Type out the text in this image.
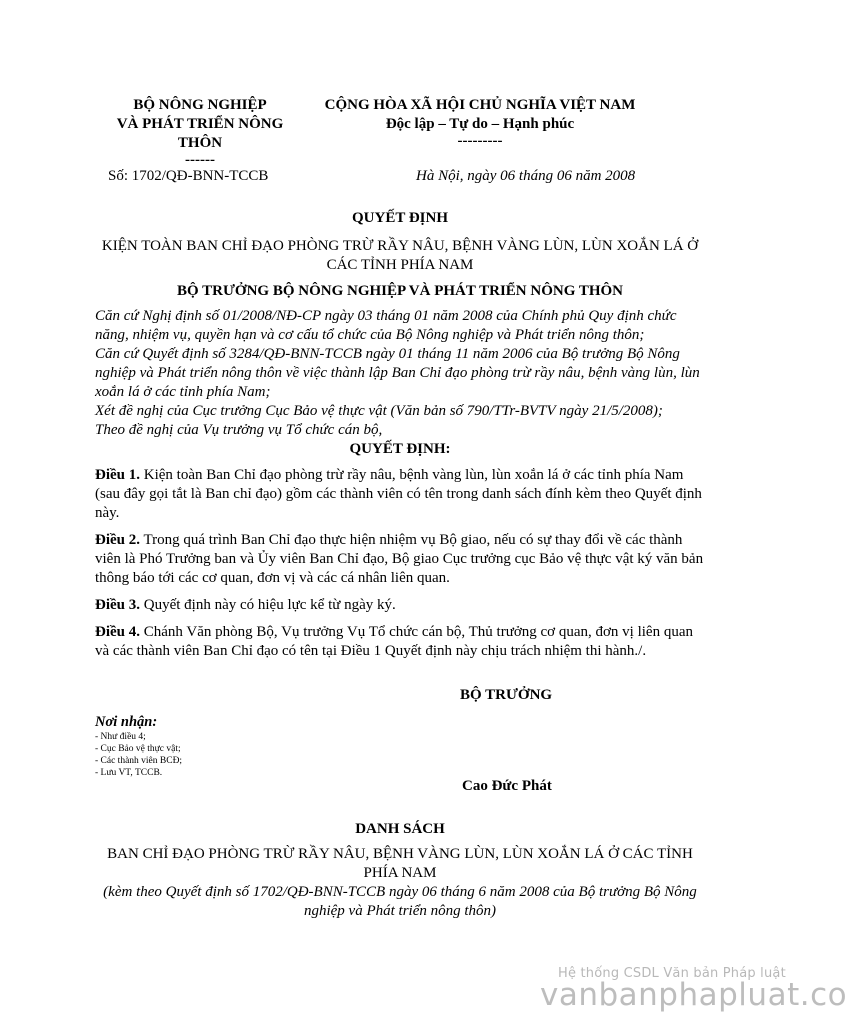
BỘ NÔNG NGHIỆP
VÀ PHÁT TRIỂN NÔNG
THÔN
------
CỘNG HÒA XÃ HỘI CHỦ NGHĨA VIỆT NAM
Độc lập – Tự do – Hạnh phúc
---------
Số: 1702/QĐ-BNN-TCCB	Hà Nội, ngày 06 tháng 06 năm 2008
QUYẾT ĐỊNH
KIỆN TOÀN BAN CHỈ ĐẠO PHÒNG TRỪ RẦY NÂU, BỆNH VÀNG LÙN, LÙN XOẮN LÁ Ở CÁC TỈNH PHÍA NAM
BỘ TRƯỞNG BỘ NÔNG NGHIỆP VÀ PHÁT TRIỂN NÔNG THÔN

Căn cứ Nghị định số 01/2008/NĐ-CP ngày 03 tháng 01 năm 2008 của Chính phủ Quy định chức năng, nhiệm vụ, quyền hạn và cơ cấu tổ chức của Bộ Nông nghiệp và Phát triển nông thôn;

Căn cứ Quyết định số 3284/QĐ-BNN-TCCB ngày 01 tháng 11 năm 2006 của Bộ trưởng Bộ Nông nghiệp và Phát triển nông thôn về việc thành lập Ban Chỉ đạo phòng trừ rầy nâu, bệnh vàng lùn, lùn xoắn lá ở các tỉnh phía Nam;

Xét đề nghị của Cục trưởng Cục Bảo vệ thực vật (Văn bản số 790/TTr-BVTV ngày 21/5/2008);

Theo đề nghị của Vụ trưởng vụ Tổ chức cán bộ,

QUYẾT ĐỊNH:

Điều 1. Kiện toàn Ban Chỉ đạo phòng trừ rầy nâu, bệnh vàng lùn, lùn xoắn lá ở các tỉnh phía Nam (sau đây gọi tắt là Ban chỉ đạo) gồm các thành viên có tên trong danh sách đính kèm theo Quyết định này.

Điều 2. Trong quá trình Ban Chỉ đạo thực hiện nhiệm vụ Bộ giao, nếu có sự thay đổi về các thành viên là Phó Trưởng ban và Ủy viên Ban Chỉ đạo, Bộ giao Cục trưởng cục Bảo vệ thực vật ký văn bản thông báo tới các cơ quan, đơn vị và các cá nhân liên quan.

Điều 3. Quyết định này có hiệu lực kể từ ngày ký.

Điều 4. Chánh Văn phòng Bộ, Vụ trưởng Vụ Tổ chức cán bộ, Thủ trưởng cơ quan, đơn vị liên quan và các thành viên Ban Chỉ đạo có tên tại Điều 1 Quyết định này chịu trách nhiệm thi hành./.

BỘ TRƯỞNG
Nơi nhận:
- Như điều 4;
- Cục Bảo vệ thực vật;
- Các thành viên BCĐ;
- Lưu VT, TCCB.
Cao Đức Phát
DANH SÁCH
BAN CHỈ ĐẠO PHÒNG TRỪ RẦY NÂU, BỆNH VÀNG LÙN, LÙN XOẮN LÁ Ở CÁC TỈNH PHÍA NAM
(kèm theo Quyết định số 1702/QĐ-BNN-TCCB ngày 06 tháng 6 năm 2008 của Bộ trưởng Bộ Nông nghiệp và Phát triển nông thôn)
Hệ thống CSDL Văn bản Pháp luật
vanbanphapluat.co
